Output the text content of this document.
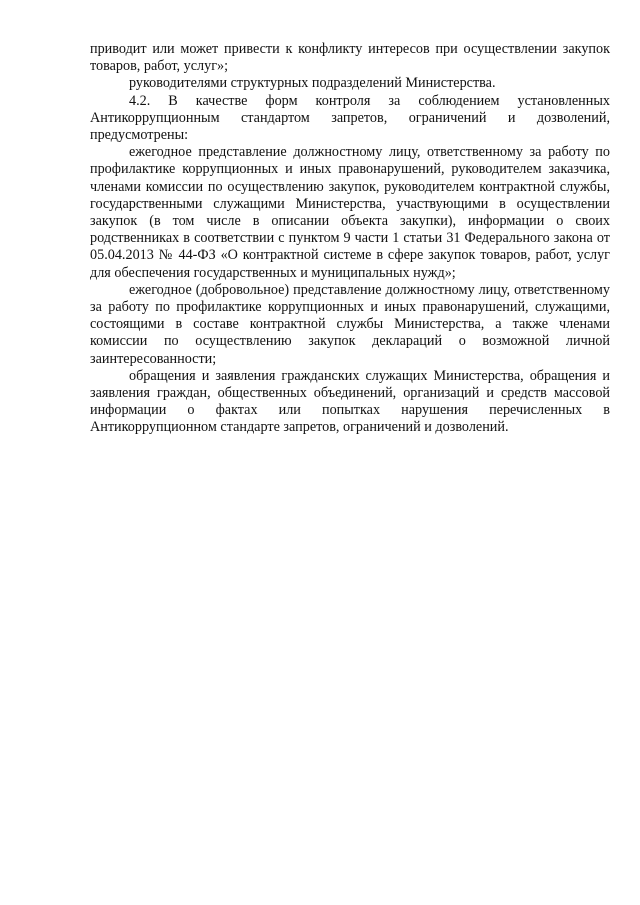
приводит или может привести к конфликту интересов при осуществлении закупок товаров, работ, услуг»;

руководителями структурных подразделений Министерства.

4.2. В качестве форм контроля за соблюдением установленных Антикоррупционным стандартом запретов, ограничений и дозволений, предусмотрены:

ежегодное представление должностному лицу, ответственному за работу по профилактике коррупционных и иных правонарушений, руководителем заказчика, членами комиссии по осуществлению закупок, руководителем контрактной службы, государственными служащими Министерства, участвующими в осуществлении закупок (в том числе в описании объекта закупки), информации о своих родственниках в соответствии с пунктом 9 части 1 статьи 31 Федерального закона от 05.04.2013 № 44-ФЗ «О контрактной системе в сфере закупок товаров, работ, услуг для обеспечения государственных и муниципальных нужд»;

ежегодное (добровольное) представление должностному лицу, ответственному за работу по профилактике коррупционных и иных правонарушений, служащими, состоящими в составе контрактной службы Министерства, а также членами комиссии по осуществлению закупок деклараций о возможной личной заинтересованности;

обращения и заявления гражданских служащих Министерства, обращения и заявления граждан, общественных объединений, организаций и средств массовой информации о фактах или попытках нарушения перечисленных в Антикоррупционном стандарте запретов, ограничений и дозволений.
